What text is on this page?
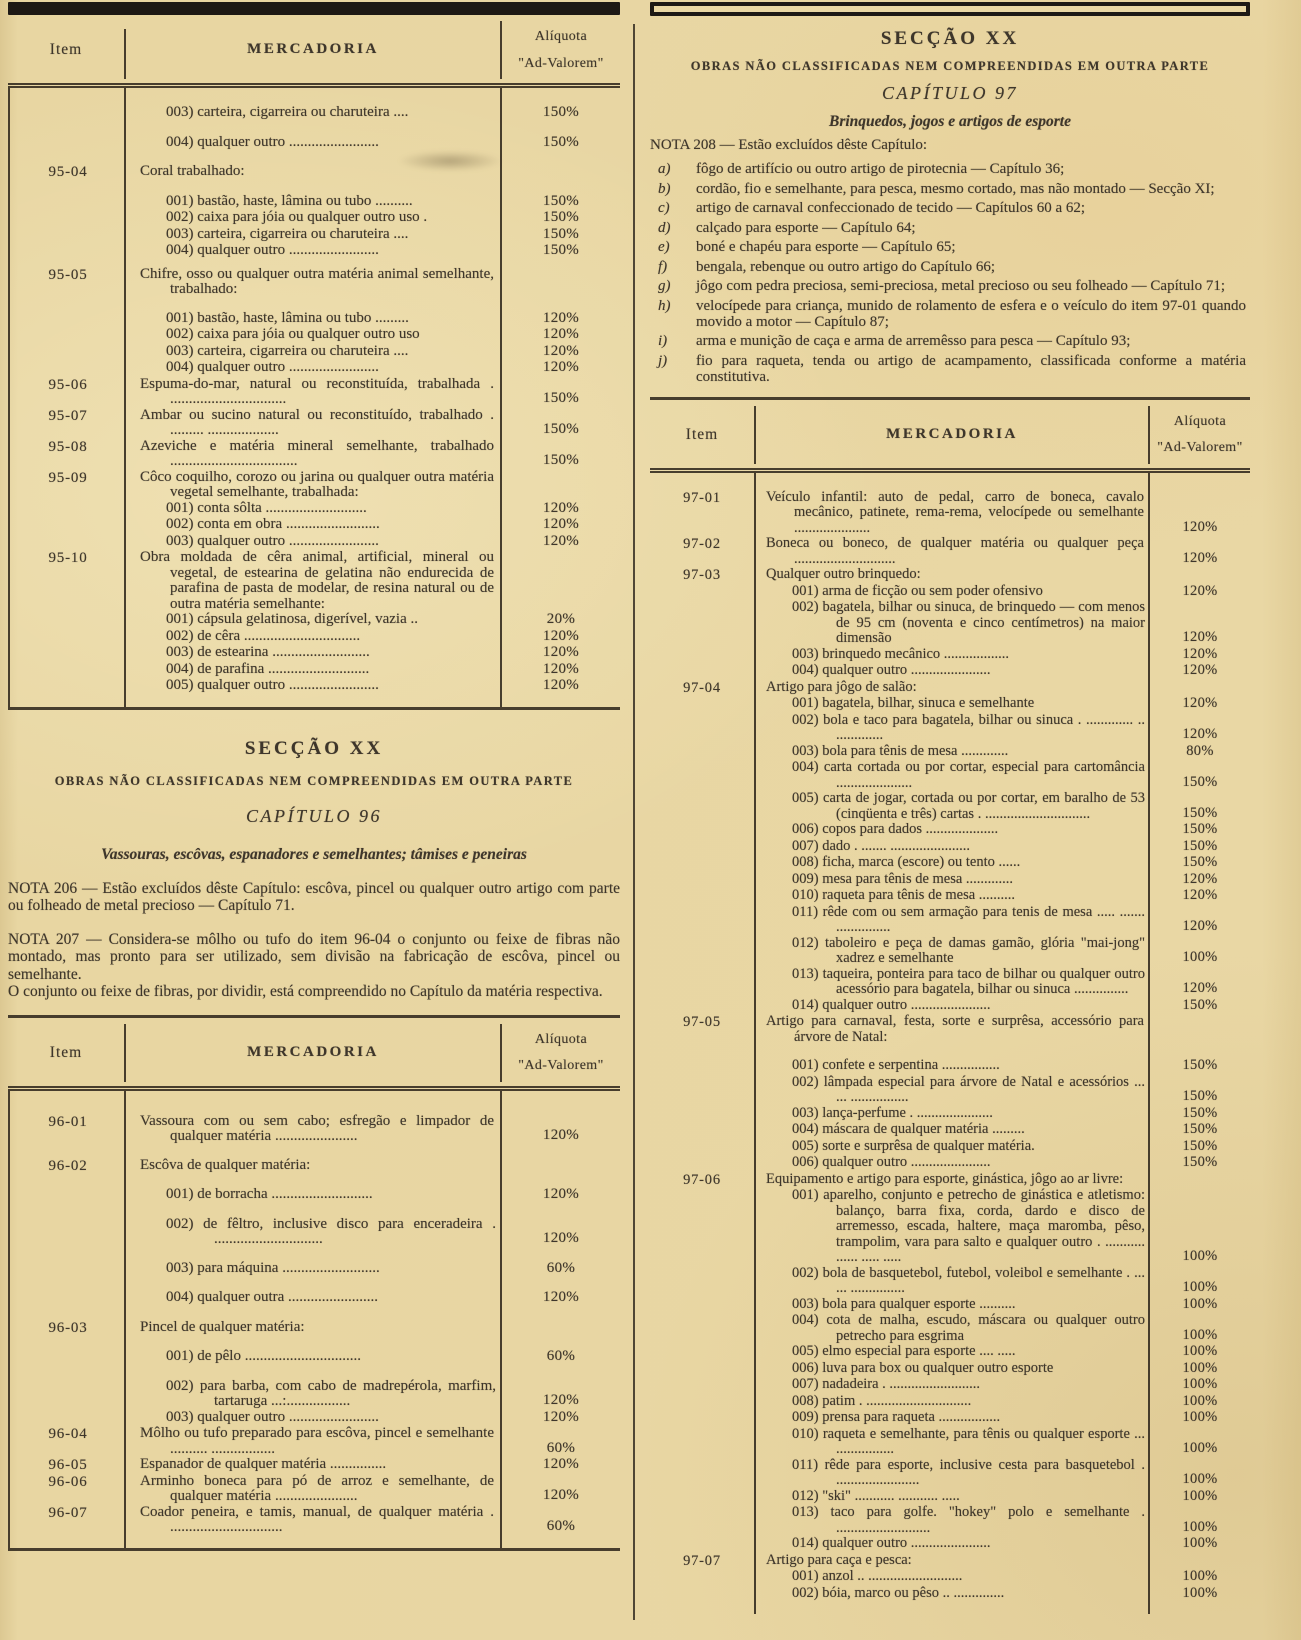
Item	MERCADORIA
Alíquota
"Ad-Valorem"
003) carteira, cigarreira ou charuteira ....	150%
004) qualquer outro ........................	150%
95-04	Coral trabalhado:
001) bastão, haste, lâmina ou tubo ..........	150%
002) caixa para jóia ou qualquer outro uso .	150%
003) carteira, cigarreira ou charuteira ....	150%
004) qualquer outro ........................	150%
95-05	Chifre, osso ou qualquer outra matéria animal semelhante, trabalhado:
001) bastão, haste, lâmina ou tubo .........	120%
002) caixa para jóia ou qualquer outro uso	120%
003) carteira, cigarreira ou charuteira ....	120%
004) qualquer outro ........................	120%
95-06	Espuma-do-mar, natural ou reconstituída, trabalhada . ...............................	150%
95-07	Ambar ou sucino natural ou reconstituído, trabalhado . ......... ...................	150%
95-08	Azeviche e matéria mineral semelhante, trabalhado ..................................	150%
95-09	Côco coquilho, corozo ou jarina ou qualquer outra matéria vegetal semelhante, trabalhada:
001) conta sôlta ...........................	120%
002) conta em obra .........................	120%
003) qualquer outro ........................	120%
95-10	Obra moldada de cêra animal, artificial, mineral ou vegetal, de estearina de gelatina não endurecida de parafina de pasta de modelar, de resina natural ou de outra matéria semelhante:
001) cápsula gelatinosa, digerível, vazia ..	20%
002) de cêra ...............................	120%
003) de estearina ..........................	120%
004) de parafina ...........................	120%
005) qualquer outro ........................	120%
SECÇÃO XX
OBRAS NÃO CLASSIFICADAS NEM COMPREENDIDAS EM OUTRA PARTE
CAPÍTULO 96
Vassouras, escôvas, espanadores e semelhantes; tâmises e peneiras

NOTA 206 — Estão excluídos dêste Capítulo: escôva, pincel ou qualquer outro artigo com parte ou folheado de metal precioso — Capítulo 71.

NOTA 207 — Considera-se môlho ou tufo do item 96-04 o conjunto ou feixe de fibras não montado, mas pronto para ser utilizado, sem divisão na fabricação de escôva, pincel ou semelhante.

O conjunto ou feixe de fibras, por dividir, está compreendido no Capítulo da matéria respectiva.

Item	MERCADORIA
Alíquota
"Ad-Valorem"
96-01	Vassoura com ou sem cabo; esfregão e limpador de qualquer matéria ......................	120%
96-02	Escôva de qualquer matéria:
001) de borracha ...........................	120%
002) de fêltro, inclusive disco para enceradeira . .............................	120%
003) para máquina ..........................	60%
004) qualquer outra ........................	120%
96-03	Pincel de qualquer matéria:
001) de pêlo ...............................	60%
002) para barba, com cabo de madrepérola, marfim, tartaruga ...:.................	120%
003) qualquer outro ........................	120%
96-04	Môlho ou tufo preparado para escôva, pincel e semelhante .......... .................	60%
96-05	Espanador de qualquer matéria ...............	120%
96-06	Arminho boneca para pó de arroz e semelhante, de qualquer matéria ......................	120%
96-07	Coador peneira, e tamis, manual, de qualquer matéria . ..............................	60%
SECÇÃO XX
OBRAS NÃO CLASSIFICADAS NEM COMPREENDIDAS EM OUTRA PARTE
CAPÍTULO 97
Brinquedos, jogos e artigos de esporte

NOTA 208 — Estão excluídos dêste Capítulo:

a)	fôgo de artifício ou outro artigo de pirotecnia — Capítulo 36;
b)	cordão, fio e semelhante, para pesca, mesmo cortado, mas não montado — Secção XI;
c)	artigo de carnaval confeccionado de tecido — Capítulos 60 a 62;
d)	calçado para esporte — Capítulo 64;
e)	boné e chapéu para esporte — Capítulo 65;
f)	bengala, rebenque ou outro artigo do Capítulo 66;
g)	jôgo com pedra preciosa, semi-preciosa, metal precioso ou seu folheado — Capítulo 71;
h)	velocípede para criança, munido de rolamento de esfera e o veículo do item 97-01 quando movido a motor — Capítulo 87;
i)	arma e munição de caça e arma de arremêsso para pesca — Capítulo 93;
j)	fio para raqueta, tenda ou artigo de acampamento, classificada conforme a matéria constitutiva.
Item	MERCADORIA
Alíquota
"Ad-Valorem"
97-01	Veículo infantil: auto de pedal, carro de boneca, cavalo mecânico, patinete, rema-rema, velocípede ou semelhante .....................	120%
97-02	Boneca ou boneco, de qualquer matéria ou qualquer peça ............................	120%
97-03	Qualquer outro brinquedo:
001) arma de ficção ou sem poder ofensivo	120%
002) bagatela, bilhar ou sinuca, de brinquedo — com menos de 95 cm (noventa e cinco centímetros) na maior dimensão	120%
003) brinquedo mecânico ..................	120%
004) qualquer outro ......................	120%
97-04	Artigo para jôgo de salão:
001) bagatela, bilhar, sinuca e semelhante	120%
002) bola e taco para bagatela, bilhar ou sinuca . ............. .. .............	120%
003) bola para tênis de mesa .............	80%
004) carta cortada ou por cortar, especial para cartomância .....................	150%
005) carta de jogar, cortada ou por cortar, em baralho de 53 (cinqüenta e três) cartas . .............................	150%
006) copos para dados ....................	150%
007) dado . ....... ......................	150%
008) ficha, marca (escore) ou tento ......	150%
009) mesa para tênis de mesa .............	120%
010) raqueta para tênis de mesa ..........	120%
011) rêde com ou sem armação para tenis de mesa ..... ....... ...............	120%
012) taboleiro e peça de damas gamão, glória "mai-jong" xadrez e semelhante	100%
013) taqueira, ponteira para taco de bilhar ou qualquer outro acessório para bagatela, bilhar ou sinuca ...............	120%
014) qualquer outro ......................	150%
97-05	Artigo para carnaval, festa, sorte e surprêsa, accessório para árvore de Natal:
001) confete e serpentina ................	150%
002) lâmpada especial para árvore de Natal e acessórios ... ... ................	150%
003) lança-perfume . .....................	150%
004) máscara de qualquer matéria .........	150%
005) sorte e surprêsa de qualquer matéria.	150%
006) qualquer outro ......................	150%
97-06	Equipamento e artigo para esporte, ginástica, jôgo ao ar livre:
001) aparelho, conjunto e petrecho de ginástica e atletismo: balanço, barra fixa, corda, dardo e disco de arremesso, escada, haltere, maça maromba, pêso, trampolim, vara para salto e qualquer outro . ........... ...... ..... .....	100%
002) bola de basquetebol, futebol, voleibol e semelhante . ... ... ...............	100%
003) bola para qualquer esporte ..........	100%
004) cota de malha, escudo, máscara ou qualquer outro petrecho para esgrima	100%
005) elmo especial para esporte .... .....	100%
006) luva para box ou qualquer outro esporte	100%
007) nadadeira . .........................	100%
008) patim . .............................	100%
009) prensa para raqueta .................	100%
010) raqueta e semelhante, para tênis ou qualquer esporte ... ................	100%
011) rêde para esporte, inclusive cesta para basquetebol . .......................	100%
012) "ski" ........... ........... .....	100%
013) taco para golfe. "hokey" polo e semelhante . ..........................	100%
014) qualquer outro ......................	100%
97-07	Artigo para caça e pesca:
001) anzol .. ..........................	100%
002) bóia, marco ou pêso .. ..............	100%
